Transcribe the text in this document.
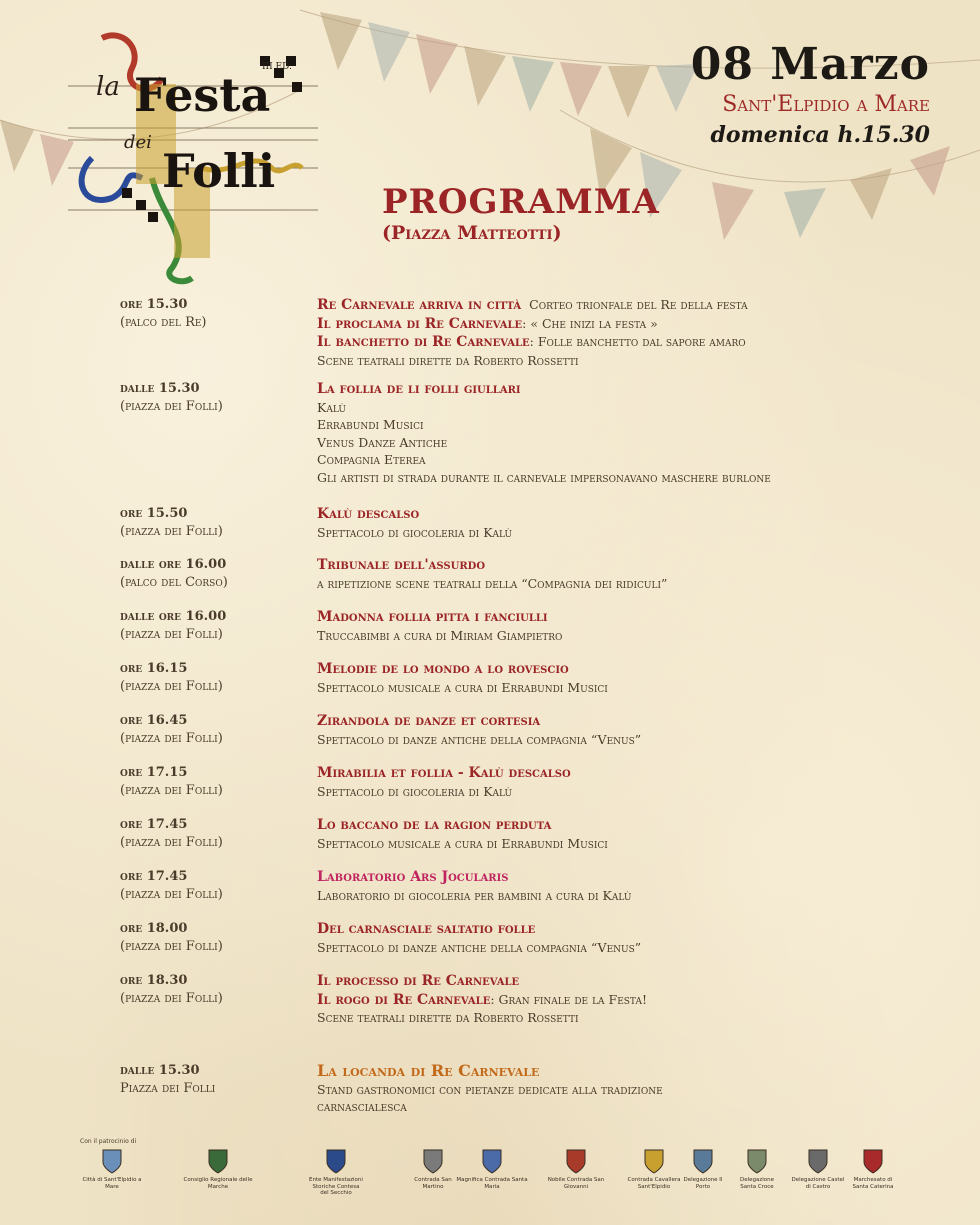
la Festa
dei
Folli
III ED.	08 Marzo
Sant'Elpidio a Mare
domenica h.15.30
PROGRAMMA
(Piazza Matteotti)
ore 15.30
(palco del Re)
Re Carnevale arriva in città Corteo trionfale del Re della festa
Il proclama di Re Carnevale: « Che inizi la festa »
Il banchetto di Re Carnevale: Folle banchetto dal sapore amaro
Scene teatrali dirette da Roberto Rossetti
dalle 15.30
(piazza dei Folli)
La follia de li folli giullari
Kalù
Errabundi Musici
Venus Danze Antiche
Compagnia Eterea
Gli artisti di strada durante il carnevale impersonavano maschere burlone
ore 15.50
(piazza dei Folli)
Kalù descalso
Spettacolo di giocoleria di Kalù
dalle ore 16.00
(palco del Corso)
Tribunale dell'assurdo
a ripetizione scene teatrali della “Compagnia dei ridiculi”
dalle ore 16.00
(piazza dei Folli)
Madonna follia pitta i fanciulli
Truccabimbi a cura di Miriam Giampietro
ore 16.15
(piazza dei Folli)
Melodie de lo mondo a lo rovescio
Spettacolo musicale a cura di Errabundi Musici
ore 16.45
(piazza dei Folli)
Zirandola de danze et cortesia
Spettacolo di danze antiche della compagnia “Venus”
ore 17.15
(piazza dei Folli)
Mirabilia et follia - Kalù descalso
Spettacolo di giocoleria di Kalù
ore 17.45
(piazza dei Folli)
Lo baccano de la ragion perduta
Spettacolo musicale a cura di Errabundi Musici
ore 17.45
(piazza dei Folli)
Laboratorio Ars Jocularis
Laboratorio di giocoleria per bambini a cura di Kalù
ore 18.00
(piazza dei Folli)
Del carnasciale saltatio folle
Spettacolo di danze antiche della compagnia “Venus”
ore 18.30
(piazza dei Folli)
Il processo di Re Carnevale
Il rogo di Re Carnevale: Gran finale de la Festa!
Scene teatrali dirette da Roberto Rossetti
dalle 15.30
Piazza dei Folli
La locanda di Re Carnevale
Stand gastronomici con pietanze dedicate alla tradizione
carnascialesca
Con il patrocinio di
Città di Sant'Elpidio a Mare
Consiglio Regionale delle Marche
Ente Manifestazioni Storiche Contesa del Secchio
Contrada San Martino
Magnifica Contrada Santa Maria
Nobile Contrada San Giovanni
Contrada Cavallera Sant'Elpidio
Delegazione Il Porto
Delegazione Santa Croce
Delegazione Castel di Castro
Marchesato di Santa Caterina
